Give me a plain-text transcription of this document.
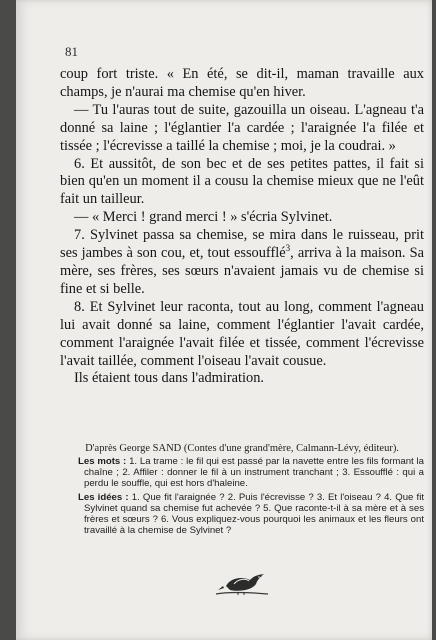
81

coup fort triste. « En été, se dit-il, maman travaille aux champs, je n'aurai ma chemise qu'en hiver.

— Tu l'auras tout de suite, gazouilla un oiseau. L'agneau t'a donné sa laine ; l'églantier l'a cardée ; l'araignée l'a filée et tissée ; l'écrevisse a taillé la chemise ; moi, je la coudrai. »

6. Et aussitôt, de son bec et de ses petites pattes, il fait si bien qu'en un moment il a cousu la chemise mieux que ne l'eût fait un tailleur.

— « Merci ! grand merci ! » s'écria Sylvinet.

7. Sylvinet passa sa chemise, se mira dans le ruisseau, prit ses jambes à son cou, et, tout essoufflé$^3$, arriva à la maison. Sa mère, ses frères, ses sœurs n'avaient jamais vu de chemise si fine et si belle.

8. Et Sylvinet leur raconta, tout au long, comment l'agneau lui avait donné sa laine, comment l'églantier l'avait cardée, comment l'araignée l'avait filée et tissée, comment l'écrevisse l'avait taillée, comment l'oiseau l'avait cousue.

Ils étaient tous dans l'admiration.

D'après George SAND (Contes d'une grand'mère, Calmann-Lévy, éditeur).

Les mots : 1. La trame : le fil qui est passé par la navette entre les fils formant la chaîne ; 2. Affiler : donner le fil à un instrument tranchant ; 3. Essoufflé : qui a perdu le souffle, qui est hors d'haleine.

Les idées : 1. Que fit l'araignée ? 2. Puis l'écrevisse ? 3. Et l'oiseau ? 4. Que fit Sylvinet quand sa chemise fut achevée ? 5. Que raconte-t-il à sa mère et à ses frères et sœurs ? 6. Vous expliquez-vous pourquoi les animaux et les fleurs ont travaillé à la chemise de Sylvinet ?
